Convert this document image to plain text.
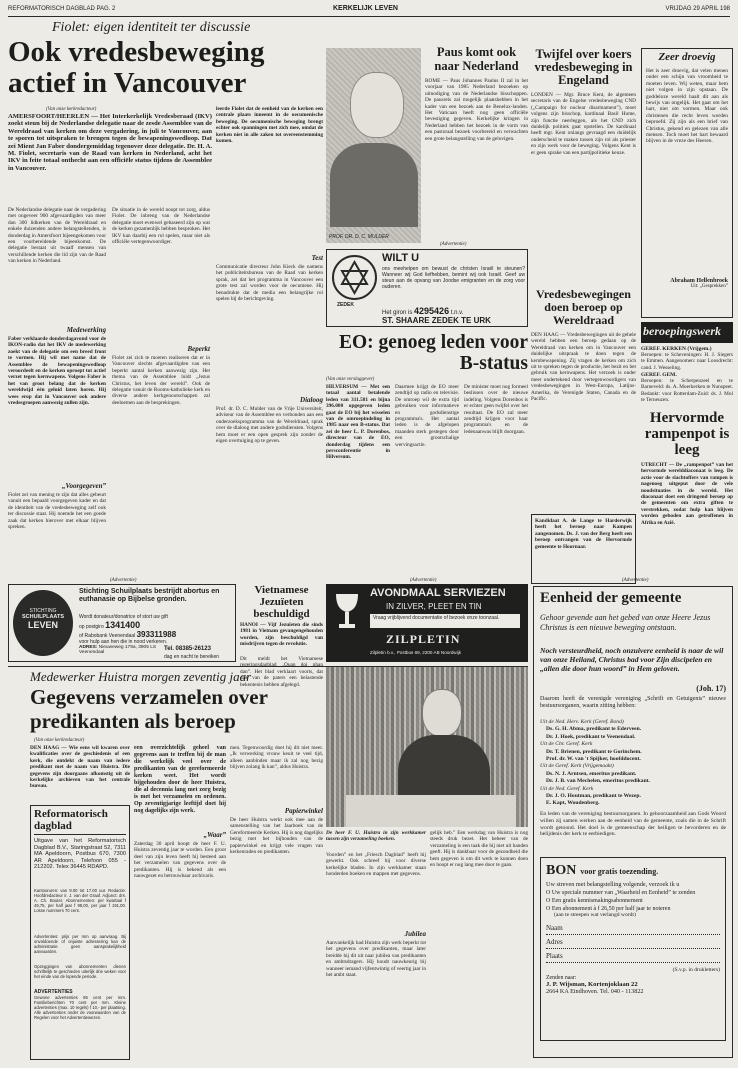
REFORMATORISCH DAGBLAD PAG. 2	KERKELIJK LEVEN	VRIJDAG 29 APRIL 198
Fiolet: eigen identiteit ter discussie
Ook vredesbeweging actief in Vancouver
(Van onze kerkredacteur)
AMERSFOORT/HEERLEN — Het Interkerkelijk Vredesberaad (IKV) zoekt steun bij de Nederlandse delegatie naar de zesde Assemblee van de Wereldraad van kerken om deze vergadering, in juli te Vancouver, aan te sporen tot uitspraken te brengen tegen de bewapeningswedloop. Dat zei Mient Jan Faber dondergemiddag tegenover deze delegatie. Dr. H. A. M. Fiolet, secretaris van de Raad van kerken in Nederland, acht het IKV in feite totaal onthecht aan een officiële status tijdens de Assemblee in Vancouver.
leerde Fiolet dat de eenheid van de kerken een centrale plaats inneemt in de oecumenische beweging. De oecumenische beweging brengt echter ook spanningen met zich mee, omdat de kerken niet in alle zaken tot overeenstemming komen.
De Nederlandse delegatie naar de vergadering met ongeveer 900 afgevaardigden van meer dan 300 lidkerken van de Wereldraad en enkele duizenden andere belangstellenden, is donderdag in Amersfoort bijeengekomen voor een voorbereidende bijeenkomst. De delegatie bestaat uit twaalf mensen van verschillende kerken die lid zijn van de Raad van kerken in Nederland.
Medewerking
Faber verklaarde donderdagavond voor de IKON-radio dat het IKV de medewerking zoekt van de delegatie om een breed front te vormen. Hij wil met name dat de Assemblee de bewapeningswedloop veroordeelt en de kerken oproept tot actief verzet tegen kernwapens. Volgens Faber is het van groot belang dat de kerken wereldwijd één geluid laten horen. Hij wees erop dat in Vancouver ook andere vredesgroepen aanwezig zullen zijn.
„Voorgegeven”
Fiolet zei van mening te zijn dat alles gebeurt vanuit een bepaald voorgegeven kader en dat de identiteit van de vredesbeweging zelf ook ter discussie staat. Hij noemde het een goede zaak dat kerken hierover met elkaar blijven spreken.
De situatie in de wereld noopt tot zorg, aldus Fiolet. De inbreng van de Nederlandse delegatie moet evenwel gebaseerd zijn op wat de kerken gezamenlijk hebben besproken. Het IKV kan daarbij een rol spelen, maar niet als officiële vertegenwoordiger.
Beperkt
Fiolet zei zich te moeten realiseren dat er in Vancouver slechts afgevaardigden van een beperkt aantal kerken aanwezig zijn. Het thema van de Assemblee luidt „Jezus Christus, het leven der wereld”. Ook de delegatie vanuit de Rooms-katholieke kerk en diverse andere kerkgenootschappen zal deelnemen aan de besprekingen.
Test
Communicatie directeur John Kieck die namens het publiciteitsbureau van de Raad van kerken sprak, zei dat het programma in Vancouver een grote test zal worden voor de oecumene. Hij benadrukte dat de media een belangrijke rol spelen bij de berichtgeving.
Dialoog
Prof. dr. D. C. Mulder van de Vrije Universiteit, adviseur van de Assemblee en verbonden aan een onderzoeksprogramma van de Wereldraad, sprak over de dialoog met andere godsdiensten. Volgens hem moet er een open gesprek zijn zonder de eigen overtuiging op te geven.
PROF. DR. D. C. MULDER
Paus komt ook naar Nederland
ROME — Paus Johannes Paulus II zal in het voorjaar van 1985 Nederland bezoeken op uitnodiging van de Nederlandse bisschoppen. De pausreis zal mogelijk plaatshebben in het kader van een bezoek aan de Benelux-landen. Het Vaticaan heeft nog geen officiële bevestiging gegeven. Kerkelijke kringen in Nederland hebben het bezoek in de vorm van een pastoraal bezoek voorbereid en verwachten een grote belangstelling van de gelovigen.
Twijfel over koers vredesbeweging in Engeland
LONDEN — Mgr. Bruce Kent, de algemeen secretaris van de Engelse vredesbeweging CND („Campaign for nuclear disarmament”), moet volgens zijn bisschop, kardinaal Basil Hume, zijn functie neerleggen, als het CND zich duidelijk politiek gaat opstellen. De kardinaal heeft mgr. Kent onlangs gevraagd een duidelijk onderscheid te maken tussen zijn rol als priester en zijn werk voor de beweging. Volgens Kent is er geen sprake van een partijpolitieke keuze.
Zeer droevig
Het is zeer droevig, dat velen menen onder een schijn van vroomheid te moeten leven. Wij weten, maar hem niet volgen in zijn opstaan. De goddeloze wereld haalt dit aan als bewijs van ongelijk. Het gaat om het hart, niet om vormen. Maar ook christenen die recht leven worden beproefd. Zij zijn als een brief van Christus, gekend en gelezen van alle mensen. Toch moet het hart bewaard blijven in de vreze des Heeren.
Abraham Hellenbroek
Uit: „Gesprekken”
(Advertentie)
ZEDEK
WILT U
ons meehelpen om bewust de christen Israël te steunen? Wanneer wij God liefhebben, bemint wij ook Israël. Geef uw steun aan de opvang van Joodse emigranten en de zorg voor ouderen.
Het giron is 4295426 t.n.v.
ST. SHAARE ZEDEK TE URK
Vredesbewegingen doen beroep op Wereldraad
DEN HAAG — Vredesbewegingen uit de gehele wereld hebben een beroep gedaan op de Wereldraad van kerken om in Vancouver een duidelijke uitspraak te doen tegen de kernbewapening. Zij vragen de kerken om zich uit te spreken tegen de productie, het bezit en het gebruik van kernwapens. Het verzoek is onder meer ondertekend door vertegenwoordigers van vredesbewegingen in West-Europa, Latijns-Amerika, de Verenigde Staten, Canada en de Pacific.
Kandidaat A. de Lange te Harderwijk heeft het beroep naar Kampen aangenomen. Ds. J. van der Berg heeft een beroep ontvangen van de Hervormde gemeente te Hoornaar.
beroepingswerk
GEREF. KERKEN (Vrijgem.)
Beroepen: te Scheveningen: H. J. Siegers te Emmen. Aangenomen: naar Loosdrecht: cand. J. Wesseling.
GEREF. GEM.
Beroepen: te Scherpenzeel en te Barneveld: ds. A. Moerkerken te Nunspeet. Bedankt: voor Rotterdam-Zuid: ds. J. Mol te Terneuzen.
Hervormde rampenpot is leeg
UTRECHT — De „rampenpot” van het hervormde werelddiaconaat is leeg. De actie voor de slachtoffers van rampen is nagenoeg uitgeput door de vele noodsituaties in de wereld. Het diaconaat doet een dringend beroep op de gemeenten om extra giften te verstrekken, zodat hulp kan blijven worden geboden aan getroffenen in Afrika en Azië.
EO: genoeg leden voor B-status
(Van onze verslaggever)
HILVERSUM — Met een totaal aantal betalende leden van 311.581 en bijna 396.000 opgegeven leden gaat de EO bij het wisselen van de omroepindeling in 1985 naar een B-status. Dat zei de heer L. P. Dorenbos, directeur van de EO, donderdag tijdens een persconferentie in Hilversum.
Daarmee krijgt de EO meer zendtijd op radio en televisie. De omroep wil de extra tijd gebruiken voor informatieve en godsdienstige programma's. Het aantal leden is de afgelopen maanden sterk gestegen door een grootschalige wervingsactie.
De minister moet nog formeel beslissen over de nieuwe indeling. Volgens Dorenbos is er echter geen twijfel over het resultaat. De EO zal meer zendtijd krijgen voor haar programma's en de ledenaanwas blijft doorgaan.
(Advertentie)
STICHTING
SCHUILPLAATS
LEVEN
Stichting Schuilplaats bestrijdt abortus en euthanasie op Bijbelse gronden.
Wordt donateur/donatrice of stort uw gift
op postgiro 1341400
of Rabobank Veenendaal 393311988
voor hulp aan hen die in nood verkeren.
ADRES: Nieuweweg 179a, 3905 LS Veenendaal
Tel. 08385-26123
dag en nacht te bereiken
Vietnamese Jezuïeten beschuldigd
HANOI — Vijf Jezuïeten die sinds 1981 in Vietnam gevangengehouden worden, zijn beschuldigd van misdrijven tegen de revolutie.
Dit meldt het Vietnamese dan”. Het blad verklaart voorts, dat drie van de paters een belastende bekentenis hebben afgelegd.
(Advertentie)
AVONDMAAL SERVIEZEN
IN ZILVER, PLEET EN TIN
Vraag vrijblijvend documentatie of bezoek onze toonzaal.
ZILPLETIN
Zilpletin b.v., Postbus 69, 2200 AB Noordwijk
(Advertentie)
Eenheid der gemeente
Gehoor gevende aan het gebed van onze Heere Jezus Christus is een nieuwe beweging ontstaan.
Noch versteurdheid, noch onzuivere eenheid is naar de wil van onze Heiland, Christus bad voor Zijn discipelen en „allen die door hun woord” in Hem geloven.
(Joh. 17)
Daarom heeft de verenigde vereniging „Schrift en Getuigenis” nieuwe bestuursorganen, waarin zitting hebben:
Uit de Ned. Herv. Kerk (Geref. Bond)
Ds. G. H. Abma, predikant te Ederveen.
Dr. J. Hoek, predikant te Veenendaal.
Uit de Chr. Geref. Kerk
Dr. T. Brienen, predikant te Gorinchem.
Prof. dr. W. van 't Spijker, hoofddocent.
Uit de Geref. Kerk (Vrijgemaakt)
Ds. N. J. Arntsen, emeritus predikant.
Dr. J. B. van Mechelen, emeritus predikant.
Uit de Ned. Geref. Kerk
Dr. J. O. Houtman, predikant te Wezep.
E. Kapt, Woudenberg.
En leden van de vereniging bestuursorganen. In gehoorzaamheid aan Gods Woord willen zij samen werken aan de eenheid van de gemeente, zoals die in de Schrift wordt getoond. Het doel is de gemeenschap der heiligen te bevorderen en de belijdenis der kerk te eerbiedigen.
BON voor gratis toezending.
Uw streven met belangstelling volgende, verzoek ik u
O Uw speciale nummer van „Waarheid en Eenheid” te zenden
O Een gratis kennismakingsabonnement
O Een abonnement à f 26,50 per half jaar te noteren
(aan te streepen wat verlangd wordt)
Naam
Adres
Plaats
(S.v.p. in drukletters)
Zenden naar:
J. P. Wijsman, Kortenjoklaan 22
2664 KA Eindhoven. Tel. 040 - 113822
Medewerker Huistra morgen zeventig jaar
Gegevens verzamelen over predikanten als beroep
(Van onze kerkredacteur)
DEN HAAG — Wie eens wil kwaren over kwalificaties over de geschiedenis of een kerk, die ontdekt de naam van iedere predikant met de naam van Huistra. Die gegevens zijn doorgaans afkomstig uit de kerkelijke archieven van het centrale bureau.
Reformatorisch dagblad
Uitgave van het Reformatorisch Dagblad B.V., Staringstraat 52, 7311 MA Apeldoorn, Postbus 670, 7300 AR Apeldoorn, Telefoon 055 - 212202. Telex 36445 RDAPD.
Kantooruren: van 8.00 tot 17.00 uur. Redactie: Hoofdredacteur ir. J. van der Graaf. Adjunct: drs. A. Ch. Bouter. Abonnementen: per kwartaal f 49,75, per half jaar f 98,00, per jaar f 191,00. Losse nummers 70 cent.
Advertenties: prijs per mm op aanvraag. Bij onvoldoende of onjuiste adressering kan de administratie geen aansprakelijkheid aanvaarden.
Opzeggingen van abonnementen dienen schriftelijk te geschieden uiterlijk drie weken voor het einde van de lopende periode.
ADVERTENTIES
Gewone advertenties 95 cent per mm. Familieberichten 70 cent per mm. Kleine advertenties (max. 10 regels) f 10,- per plaatsing. Alle advertenties onder de voorwaarden van de Regelen voor het Advertentiewezen.
een overzichtelijk geheel van gegevens aan te treffen bij de man die werkelijk veel over de predikanten van de gereformeerde kerken weet. Het wordt bijgehouden door de heer Huistra, die al decennia lang met zorg bezig is met het verzamelen en ordenen. Op zeventigjarige leeftijd doet hij nog dagelijks zijn werk.
„Waar”
Zaterdag 30 april hoopt de heer F. U. Huistra zeventig jaar te worden. Een groot deel van zijn leven heeft hij besteed aan het verzamelen van gegevens over de predikanten. Hij is bekend als een nauwgezet en betrouwbaar archivaris.
men. Tegenwoordig doet hij dit niet meer. „Ik verwerking vrouw keuit te veel tijd, alleen aanbinden maar ik zal nog bezig blijven zolang ik kan”, aldus Huistra.
Papierwinkel
De heer Huistra werkt ook mee aan de samenstelling van het Jaarboek van de Gereformeerde Kerken. Hij is nog dagelijks bezig met het bijhouden van de papierwinkel en krijgt vele vragen van kerkenraden en predikanten.
De heer F. U. Huistra in zijn werkkamer tussen zijn verzameling boeken.
Voorden” en het „Friesch Dagblad” heeft hij gewerkt. Ook schreef hij voor diverse kerkelijke bladen. In zijn werkkamer staan honderden boeken en mappen met gegevens.
Jubilea
Aanvankelijk had Huistra zijn werk beperkt tot het gegevens over predikanten, maar later breidde hij dit uit naar jubilea van predikanten en ambtsdragers. Hij houdt nauwkeurig bij wanneer iemand vijfentwintig of veertig jaar in het ambt staat.
gelijk heb.” Een werkdag van Huistra is nog steeds druk bezet. Het beheer van de verzameling is een taak die hij niet uit handen geeft. Hij is dankbaar voor de gezondheid die hem gegeven is om dit werk te kunnen doen en hoopt er nog lang mee door te gaan.
